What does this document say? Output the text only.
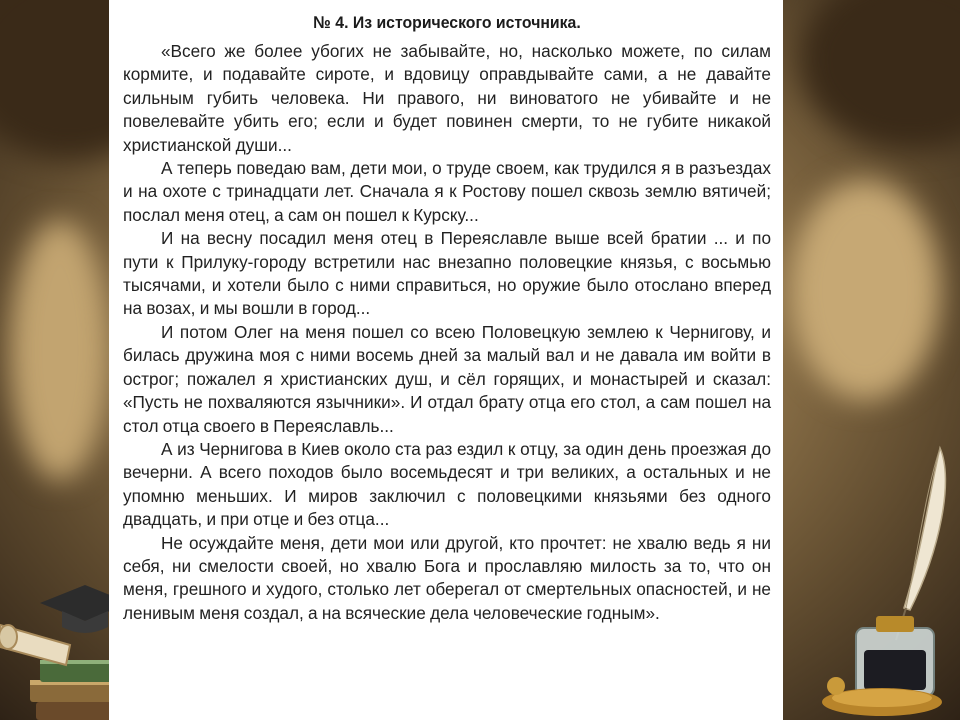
№ 4. Из исторического источника.

«Всего же более убогих не забывайте, но, насколько можете, по силам кормите, и подавайте сироте, и вдовицу оправдывайте сами, а не давайте сильным губить человека. Ни правого, ни виноватого не убивайте и не повелевайте убить его; если и будет повинен смерти, то не губите никакой христианской души...

А теперь поведаю вам, дети мои, о труде своем, как трудился я в разъездах и на охоте с тринадцати лет. Сначала я к Ростову пошел сквозь землю вятичей; послал меня отец, а сам он пошел к Курску...

И на весну посадил меня отец в Переяславле выше всей братии ... и по пути к Прилуку-городу встретили нас внезапно половецкие князья, с восьмью тысячами, и хотели было с ними справиться, но оружие было отослано вперед на возах, и мы вошли в город...

И потом Олег на меня пошел со всею Половецкую землею к Чернигову, и билась дружина моя с ними восемь дней за малый вал и не давала им войти в острог; пожалел я христианских душ, и сёл горящих, и монастырей и сказал: «Пусть не похваляются язычники». И отдал брату отца его стол, а сам пошел на стол отца своего в Переяславль...

А из Чернигова в Киев около ста раз ездил к отцу, за один день проезжая до вечерни. А всего походов было восемьдесят и три великих, а остальных и не упомню меньших. И миров заключил с половецкими князьями без одного двадцать, и при отце и без отца...

Не осуждайте меня, дети мои или другой, кто прочтет: не хвалю ведь я ни себя, ни смелости своей, но хвалю Бога и прославляю милость за то, что он меня, грешного и худого, столько лет оберегал от смертельных опасностей, и не ленивым меня создал, а на всяческие дела человеческие годным».
